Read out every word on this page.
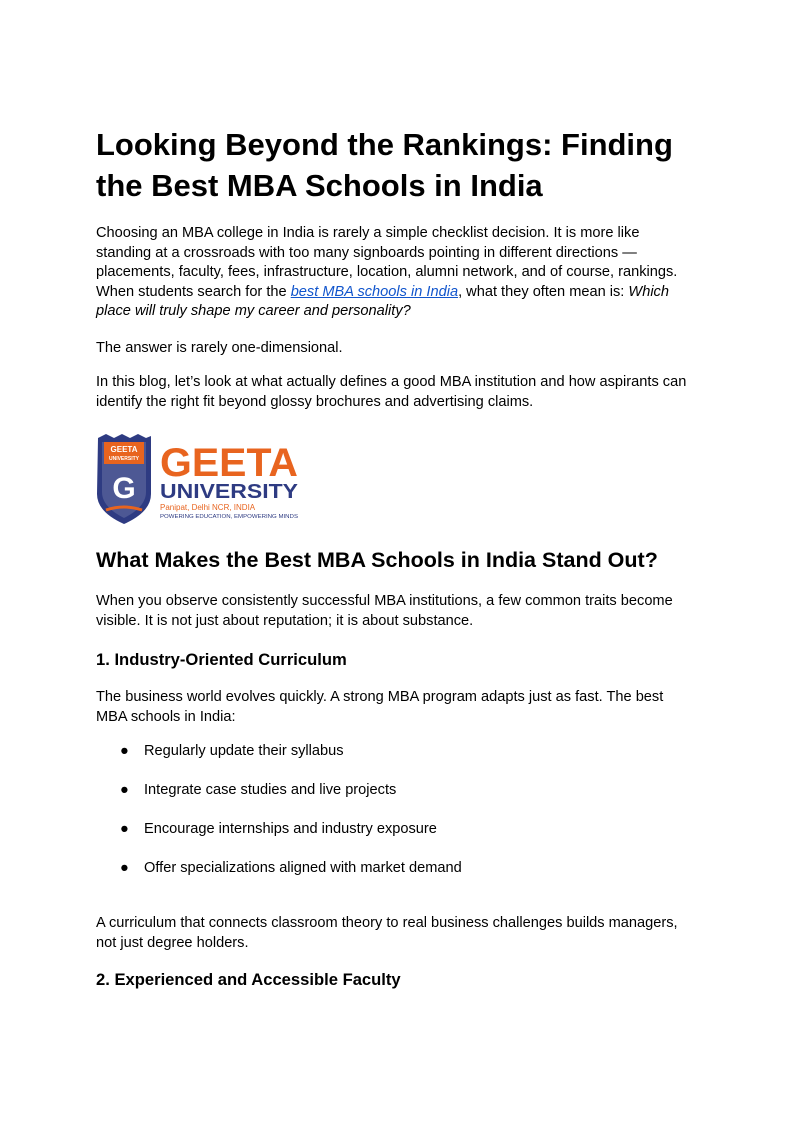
Looking Beyond the Rankings: Finding the Best MBA Schools in India

Choosing an MBA college in India is rarely a simple checklist decision. It is more like standing at a crossroads with too many signboards pointing in different directions — placements, faculty, fees, infrastructure, location, alumni network, and of course, rankings. When students search for the best MBA schools in India, what they often mean is: Which place will truly shape my career and personality?

The answer is rarely one-dimensional.

In this blog, let’s look at what actually defines a good MBA institution and how aspirants can identify the right fit beyond glossy brochures and advertising claims.

GEETA
UNIVERSITY
G
GEETA
UNIVERSITY
Panipat, Delhi NCR, INDIA
POWERING EDUCATION, EMPOWERING MINDS
What Makes the Best MBA Schools in India Stand Out?

When you observe consistently successful MBA institutions, a few common traits become visible. It is not just about reputation; it is about substance.

1. Industry-Oriented Curriculum

The business world evolves quickly. A strong MBA program adapts just as fast. The best MBA schools in India:

● Regularly update their syllabus
● Integrate case studies and live projects
● Encourage internships and industry exposure
● Offer specializations aligned with market demand

A curriculum that connects classroom theory to real business challenges builds managers, not just degree holders.

2. Experienced and Accessible Faculty
